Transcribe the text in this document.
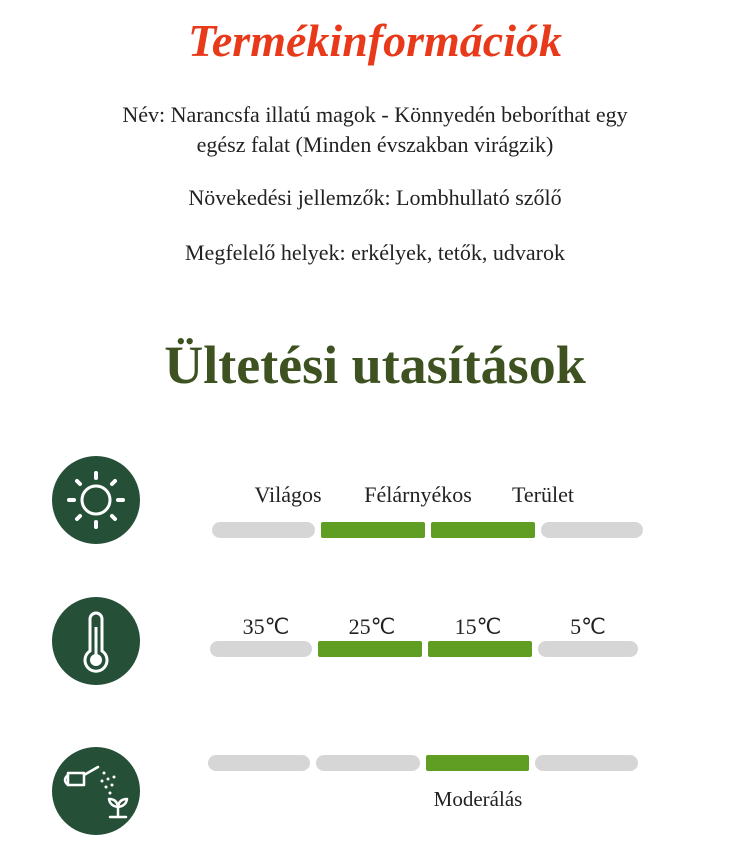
Termékinformációk
Név: Narancsfa illatú magok - Könnyedén beboríthat egy
egész falat (Minden évszakban virágzik)
Növekedési jellemzők: Lombhullató szőlő
Megfelelő helyek: erkélyek, tetők, udvarok
Ültetési utasítások
Világos Félárnyékos Terület
35℃	25℃	15℃	5℃
Moderálás
